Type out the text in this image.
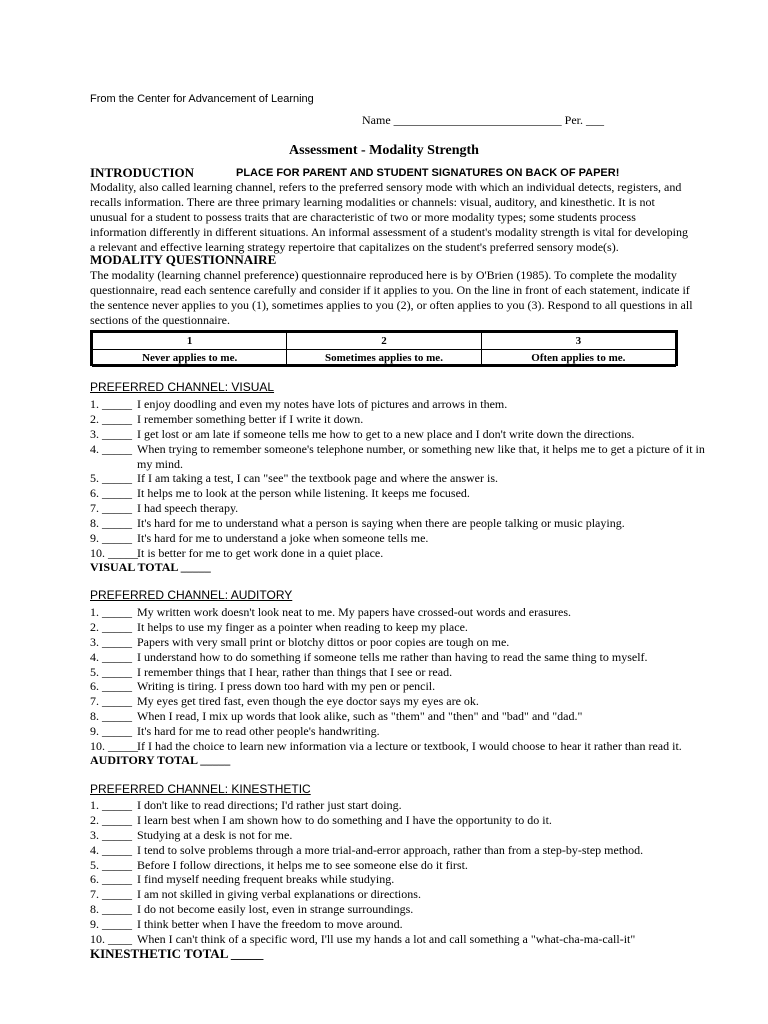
From the Center for Advancement of Learning
Name ____________________________ Per. ___
Assessment - Modality Strength
INTRODUCTION	PLACE FOR PARENT AND STUDENT SIGNATURES ON BACK OF PAPER!
Modality, also called learning channel, refers to the preferred sensory mode with which an individual detects, registers, and
recalls information. There are three primary learning modalities or channels: visual, auditory, and kinesthetic. It is not
unusual for a student to possess traits that are characteristic of two or more modality types; some students process
information differently in different situations. An informal assessment of a student's modality strength is vital for developing
a relevant and effective learning strategy repertoire that capitalizes on the student's preferred sensory mode(s).
MODALITY QUESTIONNAIRE
The modality (learning channel preference) questionnaire reproduced here is by O'Brien (1985). To complete the modality
questionnaire, read each sentence carefully and consider if it applies to you. On the line in front of each statement, indicate if
the sentence never applies to you (1), sometimes applies to you (2), or often applies to you (3). Respond to all questions in all
sections of the questionnaire.
1	2	3
Never applies to me.	Sometimes applies to me.	Often applies to me.
PREFERRED CHANNEL: VISUAL
1. _____ I enjoy doodling and even my notes have lots of pictures and arrows in them.
2. _____ I remember something better if I write it down.
3. _____ I get lost or am late if someone tells me how to get to a new place and I don't write down the directions.
4. _____ When trying to remember someone's telephone number, or something new like that, it helps me to get a picture of it in my mind.
5. _____ If I am taking a test, I can "see" the textbook page and where the answer is.
6. _____ It helps me to look at the person while listening. It keeps me focused.
7. _____ I had speech therapy.
8. _____ It's hard for me to understand what a person is saying when there are people talking or music playing.
9. _____ It's hard for me to understand a joke when someone tells me.
10. _____ It is better for me to get work done in a quiet place.
VISUAL TOTAL _____
PREFERRED CHANNEL: AUDITORY
1. _____ My written work doesn't look neat to me. My papers have crossed-out words and erasures.
2. _____ It helps to use my finger as a pointer when reading to keep my place.
3. _____ Papers with very small print or blotchy dittos or poor copies are tough on me.
4. _____ I understand how to do something if someone tells me rather than having to read the same thing to myself.
5. _____ I remember things that I hear, rather than things that I see or read.
6. _____ Writing is tiring. I press down too hard with my pen or pencil.
7. _____ My eyes get tired fast, even though the eye doctor says my eyes are ok.
8. _____ When I read, I mix up words that look alike, such as "them" and "then" and "bad" and "dad."
9. _____ It's hard for me to read other people's handwriting.
10. _____ If I had the choice to learn new information via a lecture or textbook, I would choose to hear it rather than read it.
AUDITORY TOTAL _____
PREFERRED CHANNEL: KINESTHETIC
1. _____ I don't like to read directions; I'd rather just start doing.
2. _____ I learn best when I am shown how to do something and I have the opportunity to do it.
3. _____ Studying at a desk is not for me.
4. _____ I tend to solve problems through a more trial-and-error approach, rather than from a step-by-step method.
5. _____ Before I follow directions, it helps me to see someone else do it first.
6. _____ I find myself needing frequent breaks while studying.
7. _____ I am not skilled in giving verbal explanations or directions.
8. _____ I do not become easily lost, even in strange surroundings.
9. _____ I think better when I have the freedom to move around.
10. ____ When I can't think of a specific word, I'll use my hands a lot and call something a "what-cha-ma-call-it"
KINESTHETIC TOTAL _____
